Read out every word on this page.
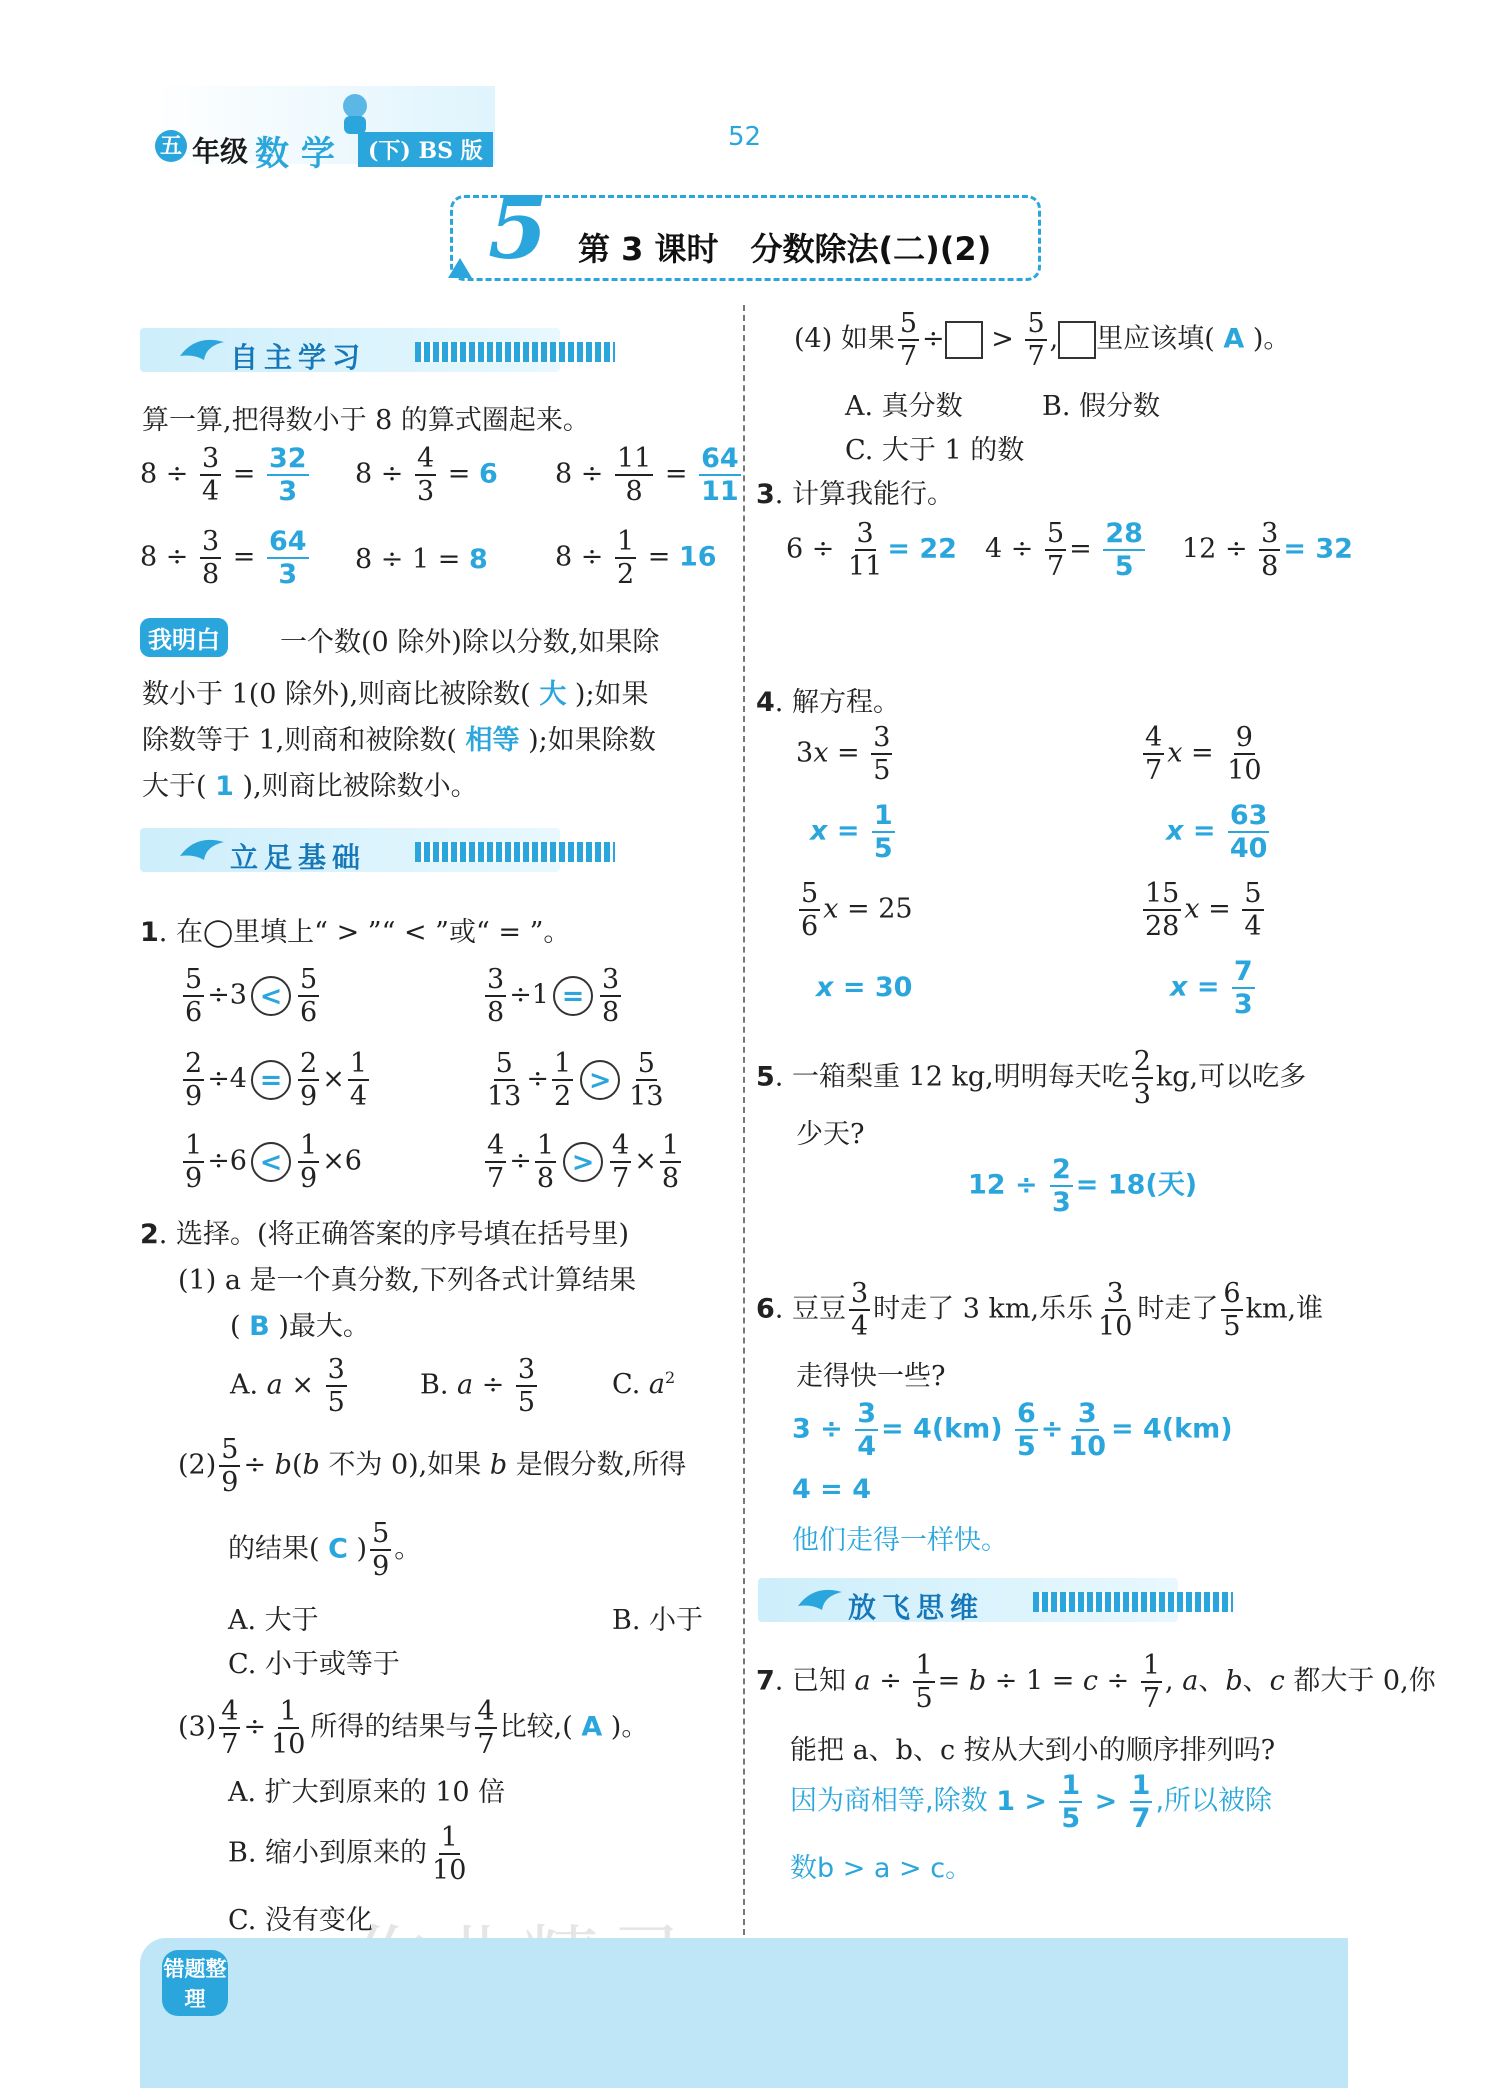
五 年级 数 学	(下) BS 版	52
5 第 3 课时　分数除法(二)(2)
自主学习
算一算,把得数小于 8 的算式圈起来。
$8 \div \frac{3}{4} = \frac{32}{3} 8 \div \frac{4}{3} = 6$ $8 \div \frac{11}{8} = \frac{64}{11}$
$8 \div \frac{3}{8} = \frac{64}{3} 8 \div 1 = 8$ $8 \div \frac{1}{2} = 16$
我明白 一个数(0 除外)除以分数,如果除
数小于 1(0 除外),则商比被除数( 大 );如果
除数等于 1,则商和被除数( 相等 );如果除数
大于( 1 ),则商比被除数小。
立足基础
1. 在◯里填上“ > ”“ < ”或“ = ”。
$\frac{5}{6} \div 3 < \frac{5}{6}$	$\frac{3}{8} \div 1 = \frac{3}{8}$
$\frac{2}{9} \div 4 = \frac{2}{9} \times \frac{1}{4}$	$\frac{5}{13} \div \frac{1}{2} > \frac{5}{13}$
$\frac{1}{9} \div 6 < \frac{1}{9} \times 6$	$\frac{4}{7} \div \frac{1}{8} > \frac{4}{7} \times \frac{1}{8}$
2. 选择。(将正确答案的序号填在括号里)
(1) a 是一个真分数,下列各式计算结果
( B )最大。
A. $a \times \frac{3}{5}$	B. $a \div \frac{3}{5}$	C. $a^2$
$(2) \frac{5}{9} \div b(b$ 不为 0),如果 b 是假分数,所得
的结果( C ) $\frac{5}{9}$ 。
A. 大于	B. 小于
C. 小于或等于
$(3) \frac{4}{7} \div \frac{1}{10}$ 所得的结果与 $\frac{4}{7}$ 比较,( A )。
A. 扩大到原来的 10 倍
B. 缩小到原来的 $\frac{1}{10}$
C. 没有变化
(4) 如果 $\frac{5}{7}$ ÷ > $\frac{5}{7}$ , 里应该填( A )。
A. 真分数	B. 假分数
C. 大于 1 的数
3. 计算我能行。
$6 \div \frac{3}{11} = 22$ $4 \div \frac{5}{7} = \frac{28}{5} 12 \div \frac{3}{8} = 32$
4. 解方程。
$3x = \frac{3}{5}$	$\frac{4}{7}$ $x = \frac{9}{10}$
$x = \frac{1}{5}$	$x = \frac{63}{40}$
$\frac{5}{6}$ x = 25	$\frac{15}{28}$ $x = \frac{5}{4}$
x = 30	$x = \frac{7}{3}$
5. 一箱梨重 12 kg,明明每天吃 $\frac{2}{3}$ kg,可以吃多
少天?
$12 \div \frac{2}{3} = 18$(天)
6. 豆豆 $\frac{3}{4}$ 时走了 3 km,乐乐 $\frac{3}{10}$ 时走了 $\frac{6}{5}$ km,谁
走得快一些?
$3 \div \frac{3}{4} = 4(km) \frac{6}{5} \div \frac{3}{10} = 4(km)$
4 = 4
他们走得一样快。
放飞思维
7. 已知 $a \div \frac{1}{5} = b \div 1 = c \div \frac{1}{7}$ , a、b、c 都大于 0,你
能把 a、b、c 按从大到小的顺序排列吗?
因为商相等,除数 $1 > \frac{1}{5} > \frac{1}{7}$ ,所以被除
数b > a > c。
错题整理
